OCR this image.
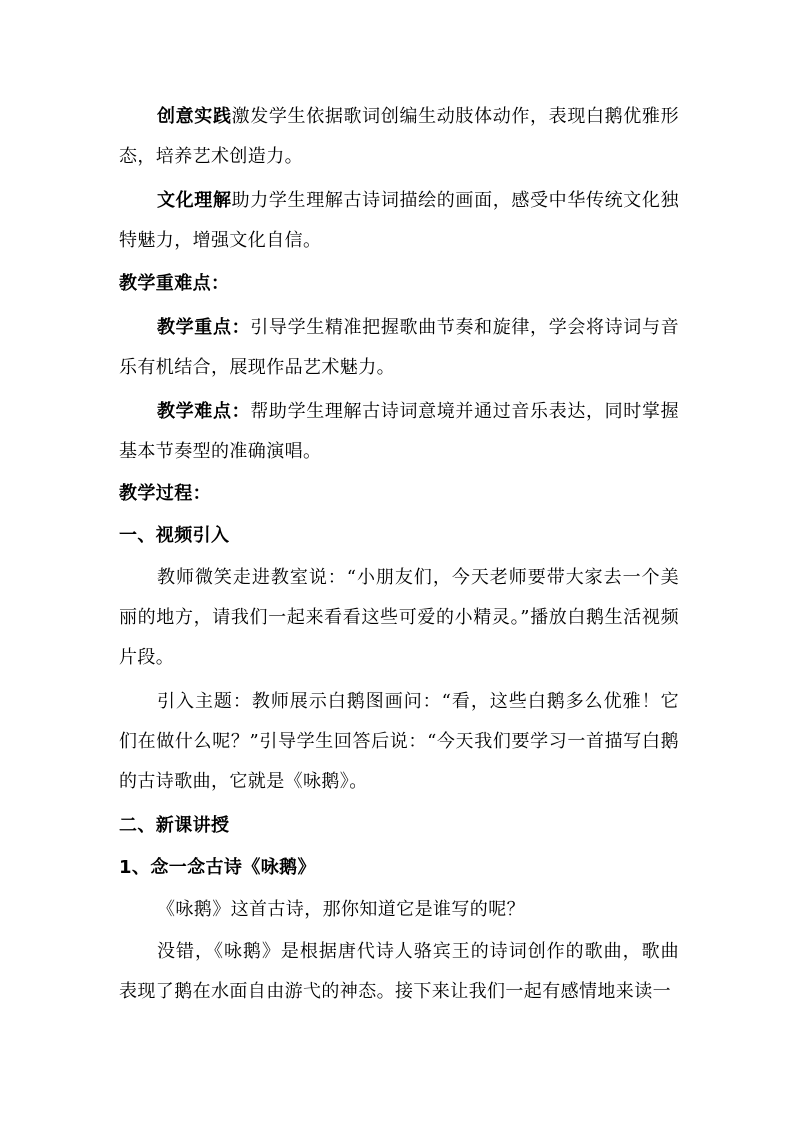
创意实践激发学生依据歌词创编生动肢体动作，表现白鹅优雅形态，培养艺术创造力。

文化理解助力学生理解古诗词描绘的画面，感受中华传统文化独特魅力，增强文化自信。

教学重难点：

教学重点：引导学生精准把握歌曲节奏和旋律，学会将诗词与音乐有机结合，展现作品艺术魅力。

教学难点：帮助学生理解古诗词意境并通过音乐表达，同时掌握基本节奏型的准确演唱。

教学过程：

一、视频引入

教师微笑走进教室说：“小朋友们，今天老师要带大家去一个美丽的地方，请我们一起来看看这些可爱的小精灵。”播放白鹅生活视频片段。

引入主题：教师展示白鹅图画问：“看，这些白鹅多么优雅！它们在做什么呢？”引导学生回答后说：“今天我们要学习一首描写白鹅的古诗歌曲，它就是《咏鹅》。

二、新课讲授

1、念一念古诗《咏鹅》

《咏鹅》这首古诗，那你知道它是谁写的呢？

没错，《咏鹅》是根据唐代诗人骆宾王的诗词创作的歌曲，歌曲表现了鹅在水面自由游弋的神态。接下来让我们一起有感情地来读一
